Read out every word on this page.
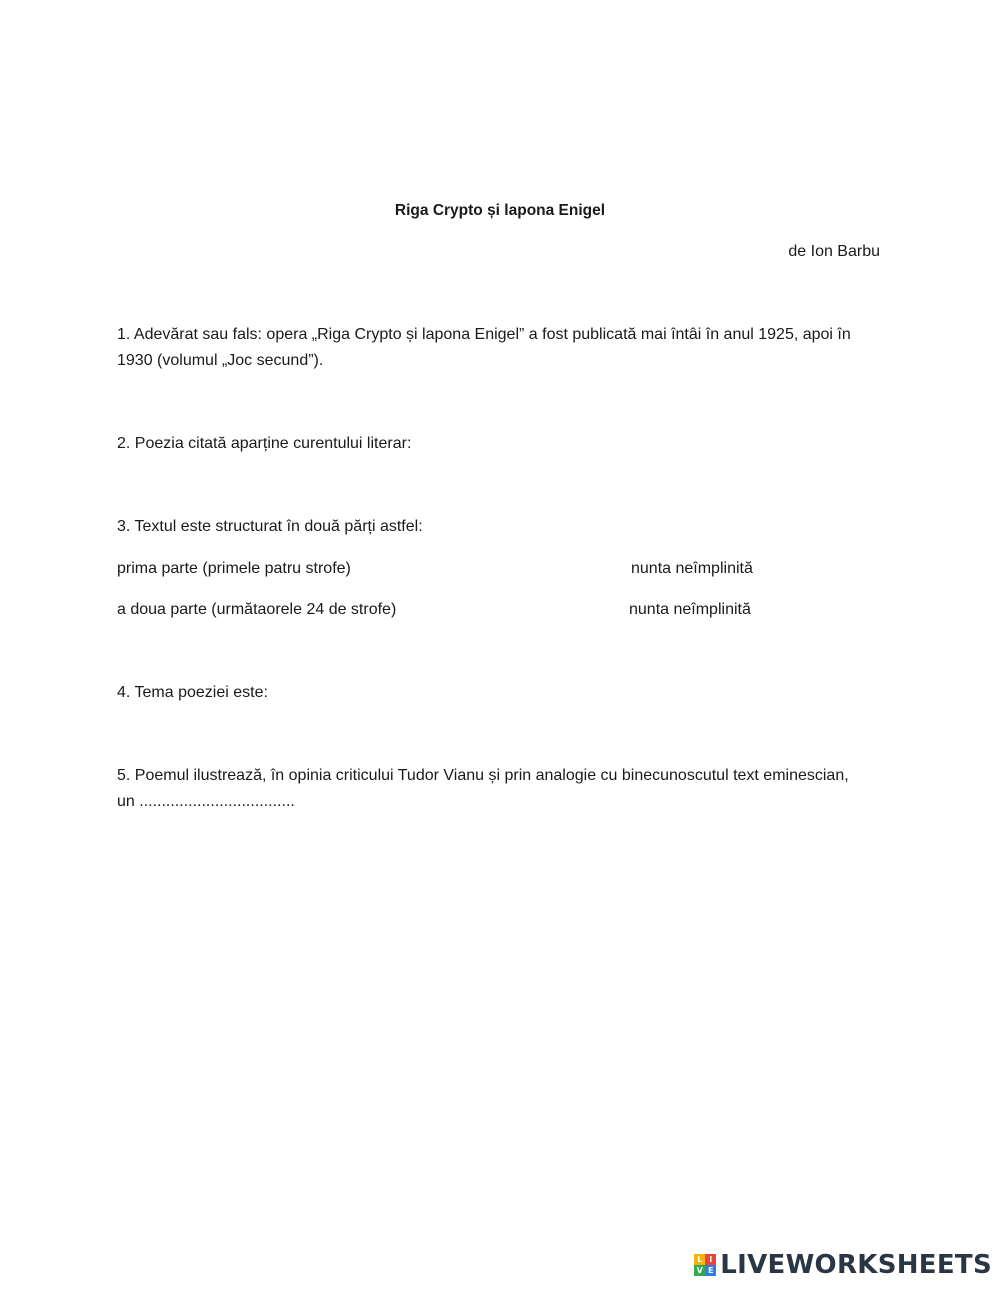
Riga Crypto și lapona Enigel
de Ion Barbu
1. Adevărat sau fals: opera „Riga Crypto și lapona Enigel” a fost publicată mai întâi în anul 1925, apoi în 1930 (volumul „Joc secund”).
2. Poezia citată aparține curentului literar:
3. Textul este structurat în două părți astfel:
prima parte (primele patru strofe)	nunta neîmplinită
a doua parte (următaorele 24 de strofe)	nunta neîmplinită
4. Tema poeziei este:
5. Poemul ilustrează, în opinia criticului Tudor Vianu și prin analogie cu binecunoscutul text eminescian,
un ...................................
L I
V E LIVEWORKSHEETS
